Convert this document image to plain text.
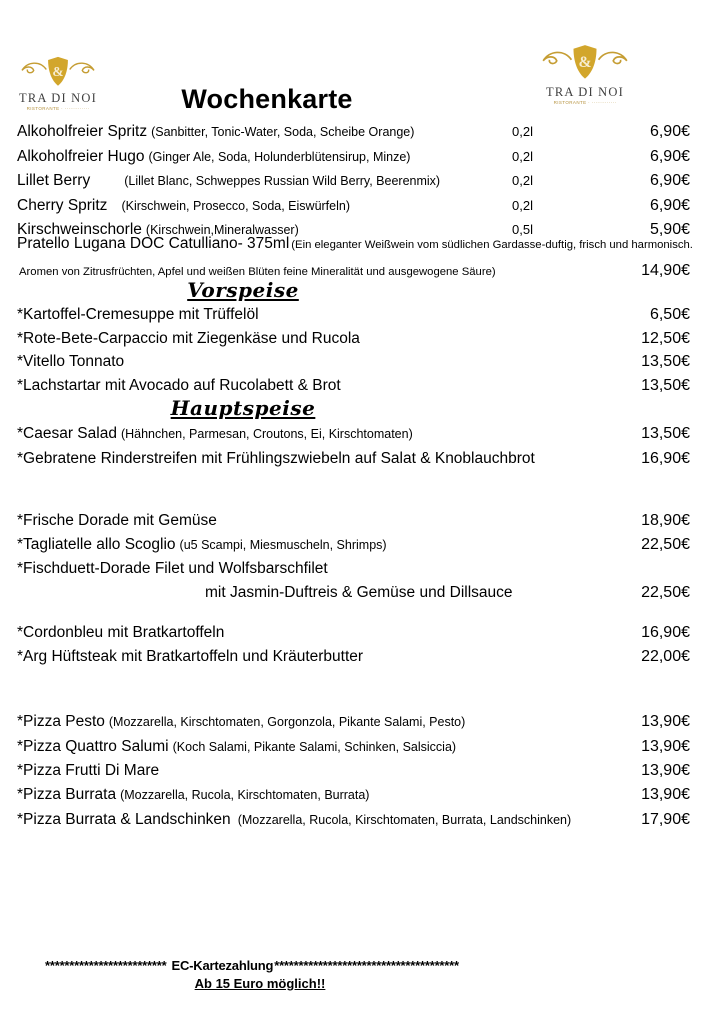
&
TRA DI NOI
RISTORANTE · ·············
&
TRA DI NOI
RISTORANTE · ·············
Wochenkarte
Alkoholfreier Spritz (Sanbitter, Tonic-Water, Soda, Scheibe Orange)	0,2l	6,90€
Alkoholfreier Hugo (Ginger Ale, Soda, Holunderblütensirup, Minze)	0,2l	6,90€
Lillet Berry	(Lillet Blanc, Schweppes Russian Wild Berry, Beerenmix)	0,2l	6,90€
Cherry Spritz (Kirschwein, Prosecco, Soda, Eiswürfeln)	0,2l	6,90€
Kirschweinschorle (Kirschwein,Mineralwasser)	0,5l	5,90€
Pratello Lugana DOC Catulliano- 375ml (Ein eleganter Weißwein vom südlichen Gardasse-duftig, frisch und harmonisch.
Aromen von Zitrusfrüchten, Apfel und weißen Blüten feine Mineralität und ausgewogene Säure)	14,90€
Vorspeise
*Kartoffel-Cremesuppe mit Trüffelöl	6,50€
*Rote-Bete-Carpaccio mit Ziegenkäse und Rucola	12,50€
*Vitello Tonnato	13,50€
*Lachstartar mit Avocado auf Rucolabett & Brot	13,50€
Hauptspeise
*Caesar Salad (Hähnchen, Parmesan, Croutons, Ei, Kirschtomaten)	13,50€
*Gebratene Rinderstreifen mit Frühlingszwiebeln auf Salat & Knoblauchbrot	16,90€
*Frische Dorade mit Gemüse	18,90€
*Tagliatelle allo Scoglio (u5 Scampi, Miesmuscheln, Shrimps)	22,50€
*Fischduett-Dorade Filet und Wolfsbarschfilet
mit Jasmin-Duftreis & Gemüse und Dillsauce	22,50€
*Cordonbleu mit Bratkartoffeln	16,90€
*Arg Hüftsteak mit Bratkartoffeln und Kräuterbutter	22,00€
*Pizza Pesto (Mozzarella, Kirschtomaten, Gorgonzola, Pikante Salami, Pesto)	13,90€
*Pizza Quattro Salumi (Koch Salami, Pikante Salami, Schinken, Salsiccia)	13,90€
*Pizza Frutti Di Mare	13,90€
*Pizza Burrata (Mozzarella, Rucola, Kirschtomaten, Burrata)	13,90€
*Pizza Burrata & Landschinken (Mozzarella, Rucola, Kirschtomaten, Burrata, Landschinken)	17,90€
************************* EC-Kartezahlung**************************************
Ab 15 Euro möglich!!
